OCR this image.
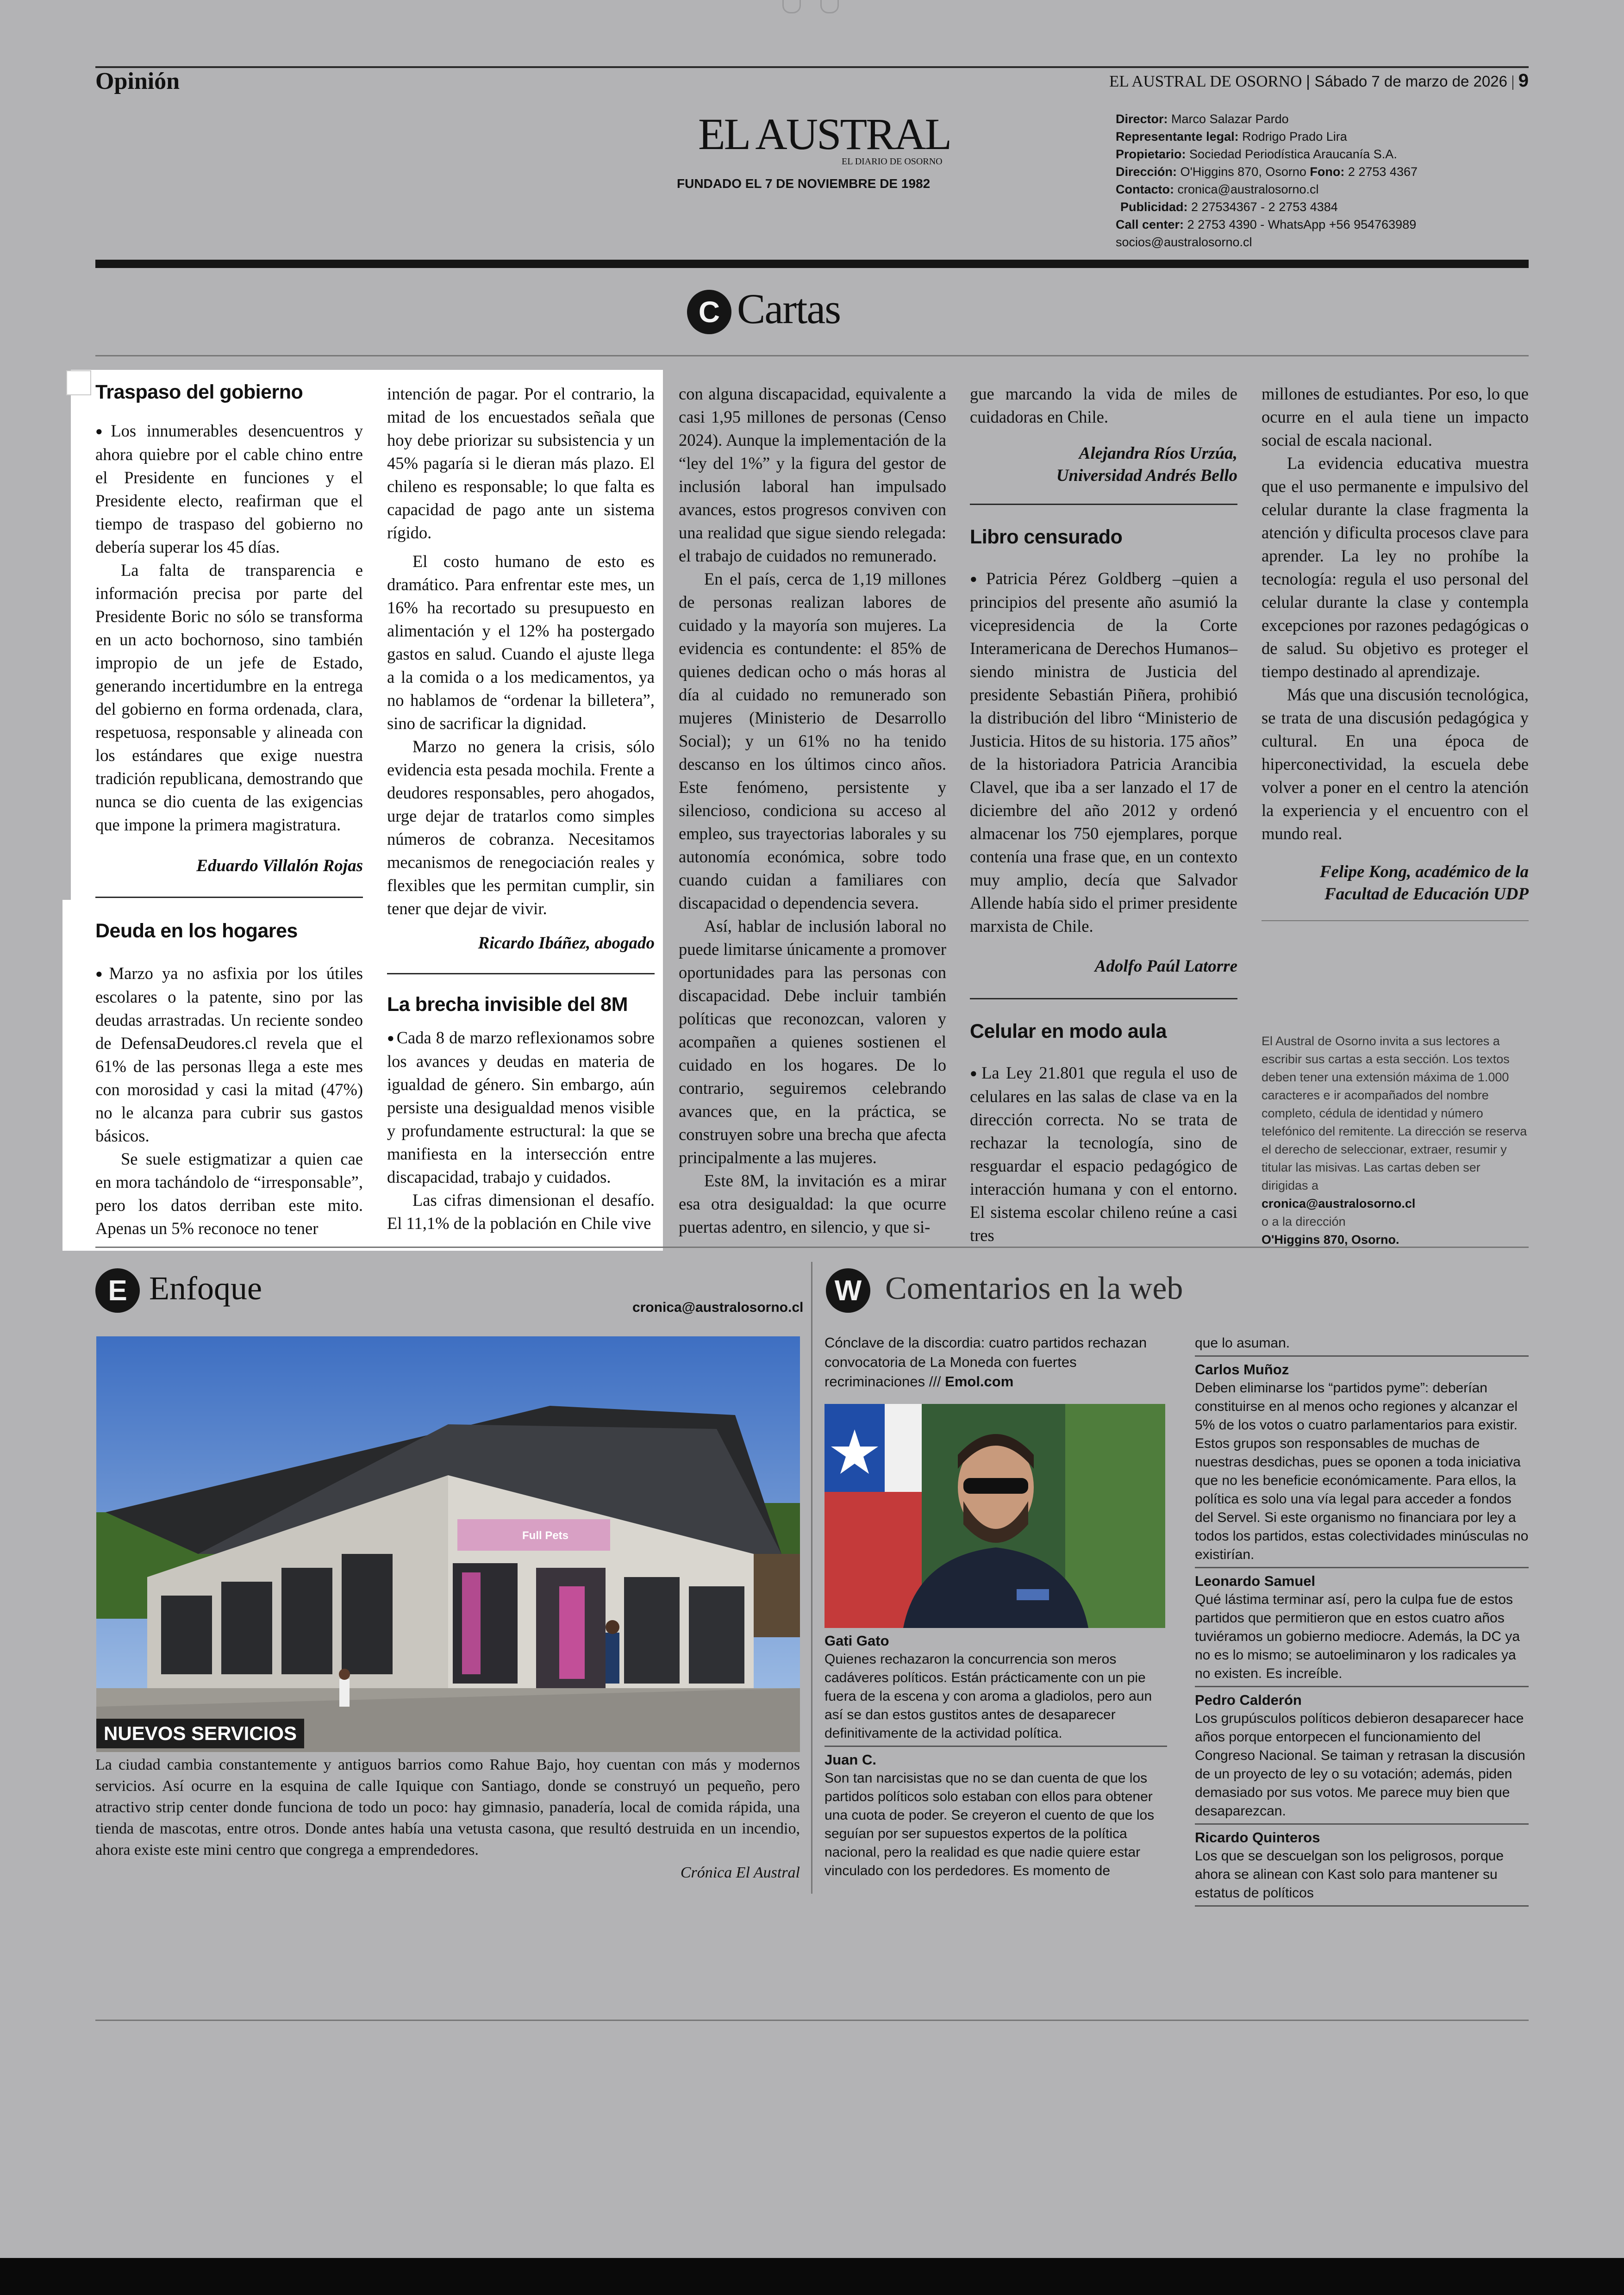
Opinión	EL AUSTRAL DE OSORNO | Sábado 7 de marzo de 2026 | 9
EL AUSTRAL
EL DIARIO DE OSORNO
FUNDADO EL 7 DE NOVIEMBRE DE 1982
Director: Marco Salazar Pardo
Representante legal: Rodrigo Prado Lira
Propietario: Sociedad Periodística Araucanía S.A.
Dirección: O'Higgins 870, Osorno Fono: 2 2753 4367
Contacto: cronica@australosorno.cl
Publicidad: 2 27534367 - 2 2753 4384
Call center: 2 2753 4390 - WhatsApp +56 954763989
socios@australosorno.cl
C Cartas
Traspaso del gobierno

● Los innumerables desencuentros y ahora quiebre por el cable chino entre el Presidente en funciones y el Presidente electo, reafirman que el tiempo de traspaso del gobierno no debería superar los 45 días.

La falta de transparencia e información precisa por parte del Presidente Boric no sólo se transforma en un acto bochornoso, sino también impropio de un jefe de Estado, generando incertidumbre en la entrega del gobierno en forma ordenada, clara, respetuosa, responsable y alineada con los estándares que exige nuestra tradición republicana, demostrando que nunca se dio cuenta de las exigencias que impone la primera magistratura.

Eduardo Villalón Rojas

Deuda en los hogares

● Marzo ya no asfixia por los útiles escolares o la patente, sino por las deudas arrastradas. Un reciente sondeo de DefensaDeudores.cl revela que el 61% de las personas llega a este mes con morosidad y casi la mitad (47%) no le alcanza para cubrir sus gastos básicos.

Se suele estigmatizar a quien cae en mora tachándolo de “irresponsable”, pero los datos derriban este mito. Apenas un 5% reconoce no tener

intención de pagar. Por el contrario, la mitad de los encuestados señala que hoy debe priorizar su subsistencia y un 45% pagaría si le dieran más plazo. El chileno es responsable; lo que falta es capacidad de pago ante un sistema rígido.

El costo humano de esto es dramático. Para enfrentar este mes, un 16% ha recortado su presupuesto en alimentación y el 12% ha postergado gastos en salud. Cuando el ajuste llega a la comida o a los medicamentos, ya no hablamos de “ordenar la billetera”, sino de sacrificar la dignidad.

Marzo no genera la crisis, sólo evidencia esta pesada mochila. Frente a deudores responsables, pero ahogados, urge dejar de tratarlos como simples números de cobranza. Necesitamos mecanismos de renegociación reales y flexibles que les permitan cumplir, sin tener que dejar de vivir.

Ricardo Ibáñez, abogado

La brecha invisible del 8M

● Cada 8 de marzo reflexionamos sobre los avances y deudas en materia de igualdad de género. Sin embargo, aún persiste una desigualdad menos visible y profundamente estructural: la que se manifiesta en la intersección entre discapacidad, trabajo y cuidados.

Las cifras dimensionan el desafío. El 11,1% de la población en Chile vive

con alguna discapacidad, equivalente a casi 1,95 millones de personas (Censo 2024). Aunque la implementación de la “ley del 1%” y la figura del gestor de inclusión laboral han impulsado avances, estos progresos conviven con una realidad que sigue siendo relegada: el trabajo de cuidados no remunerado.

En el país, cerca de 1,19 millones de personas realizan labores de cuidado y la mayoría son mujeres. La evidencia es contundente: el 85% de quienes dedican ocho o más horas al día al cuidado no remunerado son mujeres (Ministerio de Desarrollo Social); y un 61% no ha tenido descanso en los últimos cinco años. Este fenómeno, persistente y silencioso, condiciona su acceso al empleo, sus trayectorias laborales y su autonomía económica, sobre todo cuando cuidan a familiares con discapacidad o dependencia severa.

Así, hablar de inclusión laboral no puede limitarse únicamente a promover oportunidades para las personas con discapacidad. Debe incluir también políticas que reconozcan, valoren y acompañen a quienes sostienen el cuidado en los hogares. De lo contrario, seguiremos celebrando avances que, en la práctica, se construyen sobre una brecha que afecta principalmente a las mujeres.

Este 8M, la invitación es a mirar esa otra desigualdad: la que ocurre puertas adentro, en silencio, y que si-

gue marcando la vida de miles de cuidadoras en Chile.

Alejandra Ríos Urzúa,
Universidad Andrés Bello

Libro censurado

● Patricia Pérez Goldberg –quien a principios del presente año asumió la vicepresidencia de la Corte Interamericana de Derechos Humanos– siendo ministra de Justicia del presidente Sebastián Piñera, prohibió la distribución del libro “Ministerio de Justicia. Hitos de su historia. 175 años” de la historiadora Patricia Arancibia Clavel, que iba a ser lanzado el 17 de diciembre del año 2012 y ordenó almacenar los 750 ejemplares, porque contenía una frase que, en un contexto muy amplio, decía que Salvador Allende había sido el primer presidente marxista de Chile.

Adolfo Paúl Latorre

Celular en modo aula

● La Ley 21.801 que regula el uso de celulares en las salas de clase va en la dirección correcta. No se trata de rechazar la tecnología, sino de resguardar el espacio pedagógico de interacción humana y con el entorno. El sistema escolar chileno reúne a casi tres

millones de estudiantes. Por eso, lo que ocurre en el aula tiene un impacto social de escala nacional.

La evidencia educativa muestra que el uso permanente e impulsivo del celular durante la clase fragmenta la atención y dificulta procesos clave para aprender. La ley no prohíbe la tecnología: regula el uso personal del celular durante la clase y contempla excepciones por razones pedagógicas o de salud. Su objetivo es proteger el tiempo destinado al aprendizaje.

Más que una discusión tecnológica, se trata de una discusión pedagógica y cultural. En una época de hiperconectividad, la escuela debe volver a poner en el centro la atención la experiencia y el encuentro con el mundo real.

Felipe Kong, académico de la
Facultad de Educación UDP

El Austral de Osorno invita a sus lectores a escribir sus cartas a esta sección. Los textos deben tener una extensión máxima de 1.000 caracteres e ir acompañados del nombre completo, cédula de identidad y número telefónico del remitente. La dirección se reserva el derecho de seleccionar, extraer, resumir y titular las misivas. Las cartas deben ser dirigidas a
cronica@australosorno.cl
o a la dirección
O'Higgins 870, Osorno.
E Enfoque
cronica@australosorno.cl
Full Pets
NUEVOS SERVICIOS

La ciudad cambia constantemente y antiguos barrios como Rahue Bajo, hoy cuentan con más y modernos servicios. Así ocurre en la esquina de calle Iquique con Santiago, donde se construyó un pequeño, pero atractivo strip center donde funciona de todo un poco: hay gimnasio, panadería, local de comida rápida, una tienda de mascotas, entre otros. Donde antes había una vetusta casona, que resultó destruida en un incendio, ahora existe este mini centro que congrega a emprendedores.

Crónica El Austral
W Comentarios en la web
Cónclave de la discordia: cuatro partidos rechazan convocatoria de La Moneda con fuertes recriminaciones /// Emol.com

Gati Gato

Quienes rechazaron la concurrencia son meros cadáveres políticos. Están prácticamente con un pie fuera de la escena y con aroma a gladiolos, pero aun así se dan estos gustitos antes de desaparecer definitivamente de la actividad política.

Juan C.

Son tan narcisistas que no se dan cuenta de que los partidos políticos solo estaban con ellos para obtener una cuota de poder. Se creyeron el cuento de que los seguían por ser supuestos expertos de la política nacional, pero la realidad es que nadie quiere estar vinculado con los perdedores. Es momento de

que lo asuman.

Carlos Muñoz

Deben eliminarse los “partidos pyme”: deberían constituirse en al menos ocho regiones y alcanzar el 5% de los votos o cuatro parlamentarios para existir. Estos grupos son responsables de muchas de nuestras desdichas, pues se oponen a toda iniciativa que no les beneficie económicamente. Para ellos, la política es solo una vía legal para acceder a fondos del Servel. Si este organismo no financiara por ley a todos los partidos, estas colectividades minúsculas no existirían.

Leonardo Samuel

Qué lástima terminar así, pero la culpa fue de estos partidos que permitieron que en estos cuatro años tuviéramos un gobierno mediocre. Además, la DC ya no es lo mismo; se autoeliminaron y los radicales ya no existen. Es increíble.

Pedro Calderón

Los grupúsculos políticos debieron desaparecer hace años porque entorpecen el funcionamiento del Congreso Nacional. Se taiman y retrasan la discusión de un proyecto de ley o su votación; además, piden demasiado por sus votos. Me parece muy bien que desaparezcan.

Ricardo Quinteros

Los que se descuelgan son los peligrosos, porque ahora se alinean con Kast solo para mantener su estatus de políticos
